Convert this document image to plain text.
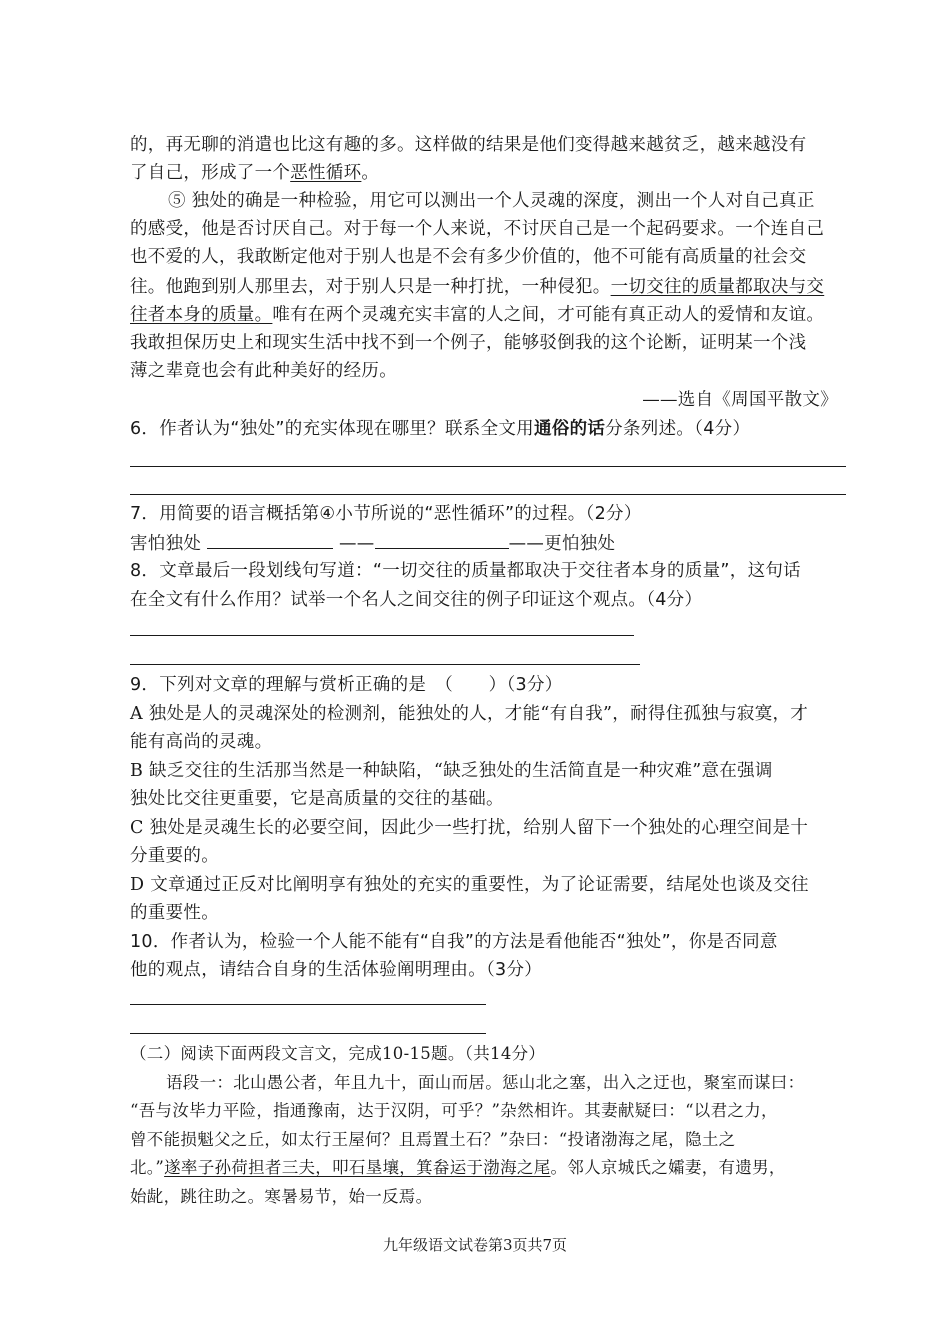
的，再无聊的消遣也比这有趣的多。这样做的结果是他们变得越来越贫乏，越来越没有
了自己，形成了一个恶性循环。
⑤ 独处的确是一种检验，用它可以测出一个人灵魂的深度，测出一个人对自己真正
的感受，他是否讨厌自己。对于每一个人来说，不讨厌自己是一个起码要求。一个连自己
也不爱的人，我敢断定他对于别人也是不会有多少价值的，他不可能有高质量的社会交
往。他跑到别人那里去，对于别人只是一种打扰，一种侵犯。一切交往的质量都取决与交
往者本身的质量。唯有在两个灵魂充实丰富的人之间，才可能有真正动人的爱情和友谊。
我敢担保历史上和现实生活中找不到一个例子，能够驳倒我的这个论断，证明某一个浅
薄之辈竟也会有此种美好的经历。
——选自《周国平散文》
6．作者认为“独处”的充实体现在哪里？联系全文用通俗的话分条列述。（4分）
7．用简要的语言概括第④小节所说的“恶性循环”的过程。（2分）
害怕独处	——	——更怕独处
8．文章最后一段划线句写道：“一切交往的质量都取决于交往者本身的质量”，这句话
在全文有什么作用？试举一个名人之间交往的例子印证这个观点。（4分）
9．下列对文章的理解与赏析正确的是　（　　）（3分）
A 独处是人的灵魂深处的检测剂，能独处的人，才能“有自我”，耐得住孤独与寂寞，才
能有高尚的灵魂。
B 缺乏交往的生活那当然是一种缺陷，“缺乏独处的生活简直是一种灾难”意在强调
独处比交往更重要，它是高质量的交往的基础。
C 独处是灵魂生长的必要空间，因此少一些打扰，给别人留下一个独处的心理空间是十
分重要的。
D 文章通过正反对比阐明享有独处的充实的重要性，为了论证需要，结尾处也谈及交往
的重要性。
10．作者认为，检验一个人能不能有“自我”的方法是看他能否“独处”，你是否同意
他的观点，请结合自身的生活体验阐明理由。（3分）
（二）阅读下面两段文言文，完成10-15题。（共14分）
语段一：北山愚公者，年且九十，面山而居。惩山北之塞，出入之迂也，聚室而谋曰：
“吾与汝毕力平险，指通豫南，达于汉阴，可乎？”杂然相许。其妻献疑曰：“以君之力，
曾不能损魁父之丘，如太行王屋何？且焉置土石？”杂曰：“投诸渤海之尾，隐土之
北。”遂率子孙荷担者三夫，叩石垦壤，箕畚运于渤海之尾。邻人京城氏之孀妻，有遗男，
始龀，跳往助之。寒暑易节，始一反焉。
九年级语文试卷第3页共7页
